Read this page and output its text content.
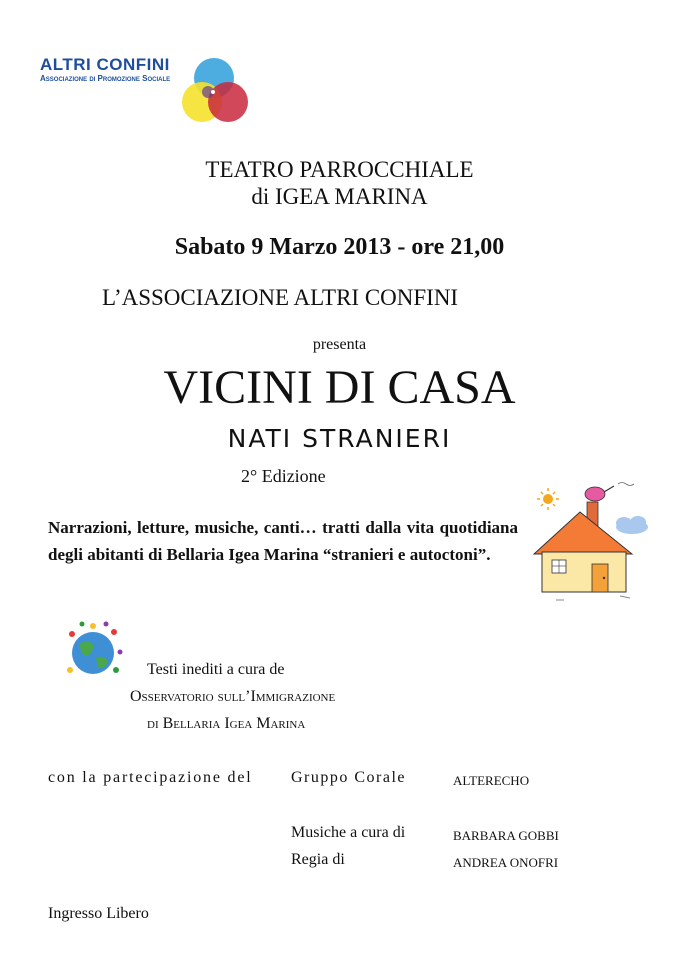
ALTRI CONFINI
Associazione di Promozione Sociale
TEATRO PARROCCHIALE
di IGEA MARINA
Sabato 9 Marzo 2013 - ore 21,00
L’ASSOCIAZIONE ALTRI CONFINI
presenta
VICINI DI CASA
NATI STRANIERI
2° Edizione
Narrazioni, letture, musiche, canti… tratti dalla vita quotidiana degli abitanti di Bellaria Igea Marina “stranieri e autoctoni”.
Testi inediti a cura de
Osservatorio sull’Immigrazione
di Bellaria Igea Marina
con la partecipazione del Gruppo Corale	ALTERECHO
Musiche a cura di	BARBARA GOBBI
Regia di	ANDREA ONOFRI
Ingresso Libero
